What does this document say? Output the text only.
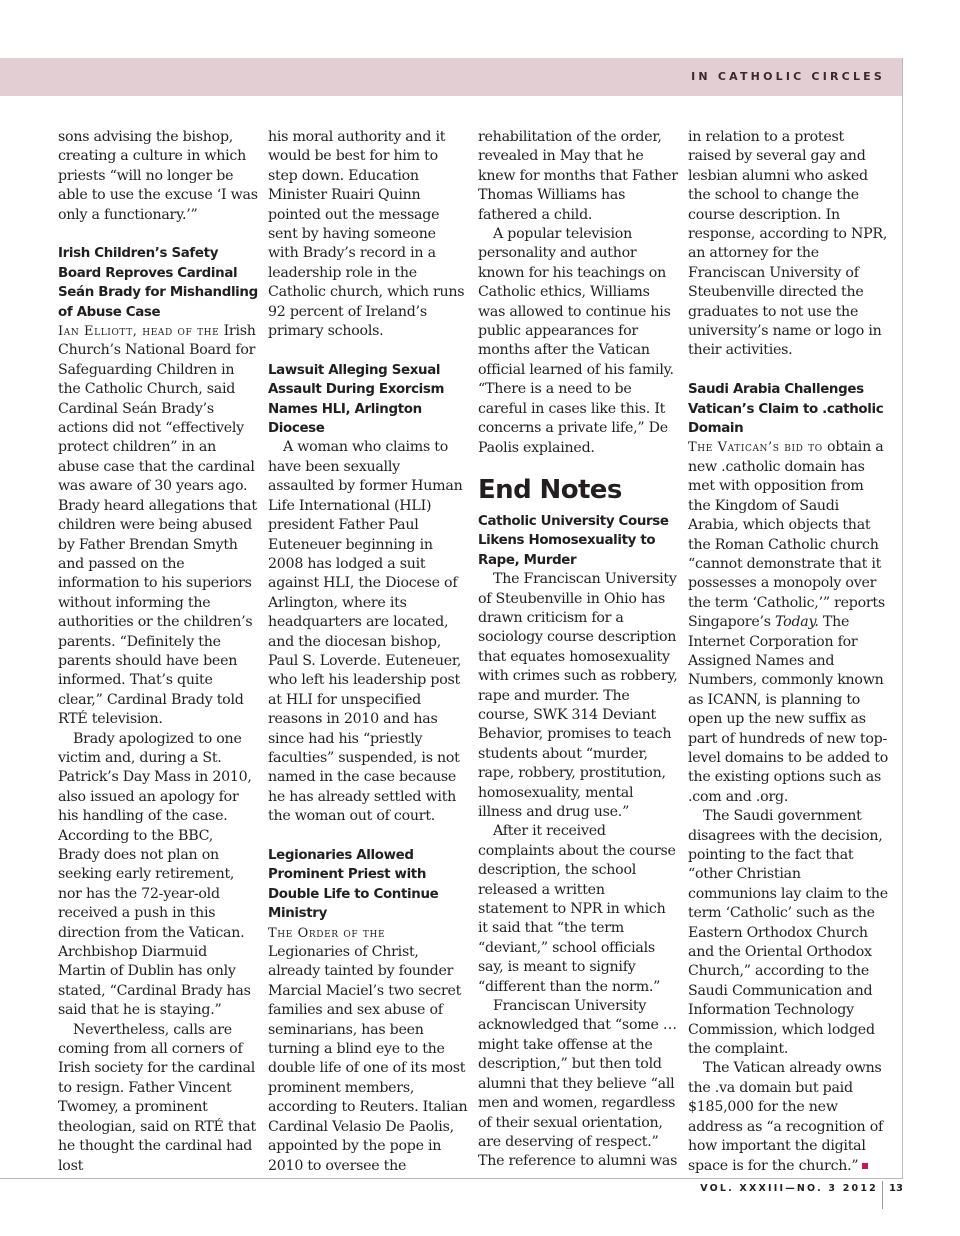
IN CATHOLIC CIRCLES

sons advising the bishop, creating a culture in which priests “will no longer be able to use the excuse ‘I was only a functionary.’”

Irish Children’s Safety Board Reproves Cardinal Seán Brady for Mishandling of Abuse Case

Ian Elliott, head of the Irish Church’s National Board for Safeguarding Children in the Catholic Church, said Cardinal Seán Brady’s actions did not “effectively protect children” in an abuse case that the cardinal was aware of 30 years ago. Brady heard allegations that children were being abused by Father Brendan Smyth and passed on the information to his superiors without informing the authorities or the children’s parents. “Definitely the parents should have been informed. That’s quite clear,” Cardinal Brady told RTÉ television.

Brady apologized to one victim and, during a St. Patrick’s Day Mass in 2010, also issued an apology for his handling of the case. According to the BBC, Brady does not plan on seeking early retirement, nor has the 72-year-old received a push in this direction from the Vatican. Archbishop Diarmuid Martin of Dublin has only stated, “Cardinal Brady has said that he is staying.”

Nevertheless, calls are coming from all corners of Irish society for the cardinal to resign. Father Vincent Twomey, a prominent theologian, said on RTÉ that he thought the cardinal had lost

his moral authority and it would be best for him to step down. Education Minister Ruairi Quinn pointed out the message sent by having someone with Brady’s record in a leadership role in the Catholic church, which runs 92 percent of Ireland’s primary schools.

Lawsuit Alleging Sexual Assault During Exorcism Names HLI, Arlington Diocese

A woman who claims to have been sexually assaulted by former Human Life International (HLI) president Father Paul Euteneuer beginning in 2008 has lodged a suit against HLI, the Diocese of Arlington, where its headquarters are located, and the diocesan bishop, Paul S. Loverde. Euteneuer, who left his leadership post at HLI for unspecified reasons in 2010 and has since had his “priestly faculties” suspended, is not named in the case because he has already settled with the woman out of court.

Legionaries Allowed Prominent Priest with Double Life to Continue Ministry

The Order of the Legionaries of Christ, already tainted by founder Marcial Maciel’s two secret families and sex abuse of seminarians, has been turning a blind eye to the double life of one of its most prominent members, according to Reuters. Italian Cardinal Velasio De Paolis, appointed by the pope in 2010 to oversee the

rehabilitation of the order, revealed in May that he knew for months that Father Thomas Williams has fathered a child.

A popular television personality and author known for his teachings on Catholic ethics, Williams was allowed to continue his public appearances for months after the Vatican official learned of his family. “There is a need to be careful in cases like this. It concerns a private life,” De Paolis explained.

End Notes
Catholic University Course Likens Homosexuality to Rape, Murder

The Franciscan University of Steubenville in Ohio has drawn criticism for a sociology course description that equates homosexuality with crimes such as robbery, rape and murder. The course, SWK 314 Deviant Behavior, promises to teach students about “murder, rape, robbery, prostitution, homosexuality, mental illness and drug use.”

After it received complaints about the course description, the school released a written statement to NPR in which it said that “the term “deviant,” school officials say, is meant to signify “different than the norm.”

Franciscan University acknowledged that “some … might take offense at the description,” but then told alumni that they believe “all men and women, regardless of their sexual orientation, are deserving of respect.” The reference to alumni was

in relation to a protest raised by several gay and lesbian alumni who asked the school to change the course description. In response, according to NPR, an attorney for the Franciscan University of Steubenville directed the graduates to not use the university’s name or logo in their activities.

Saudi Arabia Challenges Vatican’s Claim to .catholic Domain

The Vatican’s bid to obtain a new .catholic domain has met with opposition from the Kingdom of Saudi Arabia, which objects that the Roman Catholic church “cannot demonstrate that it possesses a monopoly over the term ‘Catholic,’” reports Singapore’s Today. The Internet Corporation for Assigned Names and Numbers, commonly known as ICANN, is planning to open up the new suffix as part of hundreds of new top-level domains to be added to the existing options such as .com and .org.

The Saudi government disagrees with the decision, pointing to the fact that “other Christian communions lay claim to the term ‘Catholic’ such as the Eastern Orthodox Church and the Oriental Orthodox Church,” according to the Saudi Communication and Information Technology Commission, which lodged the complaint.

The Vatican already owns the .va domain but paid $185,000 for the new address as “a recognition of how important the digital space is for the church.”

VOL. XXXIII—NO. 3 2012 13
